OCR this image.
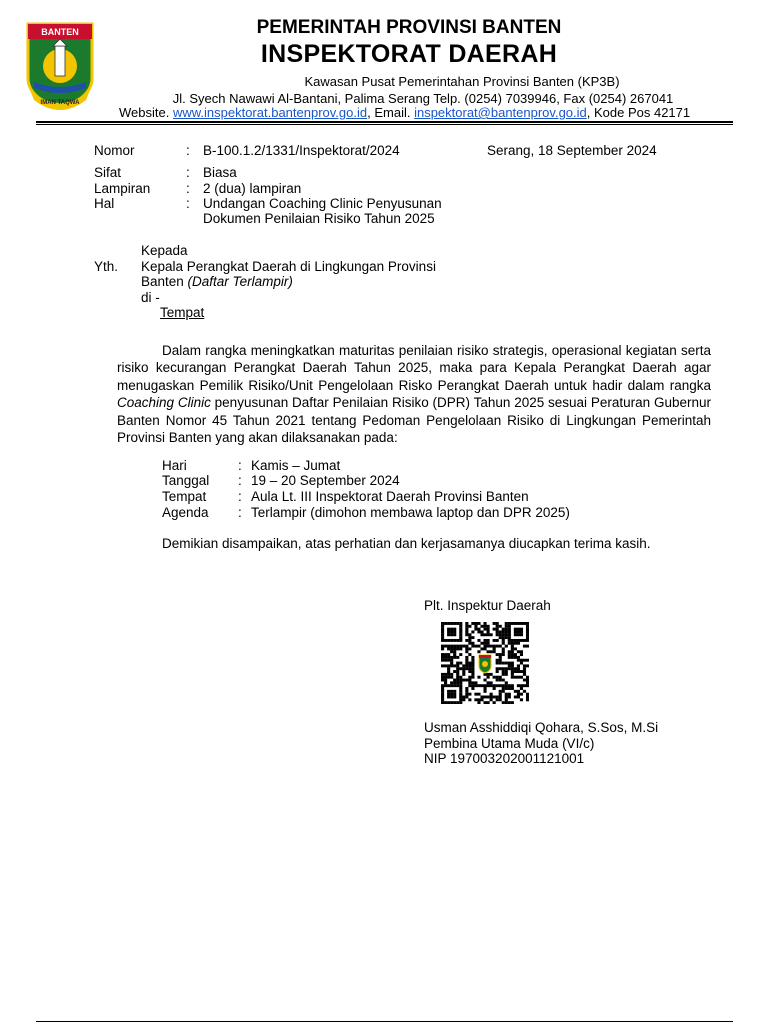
BANTEN
IMAN TAQWA
PEMERINTAH PROVINSI BANTEN
INSPEKTORAT DAERAH
Kawasan Pusat Pemerintahan Provinsi Banten (KP3B)
Jl. Syech Nawawi Al-Bantani, Palima Serang Telp. (0254) 7039946, Fax (0254) 267041
Website. www.inspektorat.bantenprov.go.id, Email. inspektorat@bantenprov.go.id, Kode Pos 42171
Nomor	: B-100.1.2/1331/Inspektorat/2024	Serang, 18 September 2024
Sifat	: Biasa
Lampiran	: 2 (dua) lampiran
Hal	: Undangan Coaching Clinic Penyusunan
Dokumen Penilaian Risiko Tahun 2025
Kepada
Yth. Kepala Perangkat Daerah di Lingkungan Provinsi
Banten (Daftar Terlampir)
di -
Tempat
Dalam rangka meningkatkan maturitas penilaian risiko strategis, operasional kegiatan serta risiko kecurangan Perangkat Daerah Tahun 2025, maka para Kepala Perangkat Daerah agar menugaskan Pemilik Risiko/Unit Pengelolaan Risko Perangkat Daerah untuk hadir dalam rangka Coaching Clinic penyusunan Daftar Penilaian Risiko (DPR) Tahun 2025 sesuai Peraturan Gubernur Banten Nomor 45 Tahun 2021 tentang Pedoman Pengelolaan Risiko di Lingkungan Pemerintah Provinsi Banten yang akan dilaksanakan pada:
Hari	: Kamis – Jumat
Tanggal : 19 – 20 September 2024
Tempat : Aula Lt. III Inspektorat Daerah Provinsi Banten
Agenda : Terlampir (dimohon membawa laptop dan DPR 2025)
Demikian disampaikan, atas perhatian dan kerjasamanya diucapkan terima kasih.
Plt. Inspektur Daerah
Usman Asshiddiqi Qohara, S.Sos, M.Si
Pembina Utama Muda (VI/c)
NIP 197003202001121001
